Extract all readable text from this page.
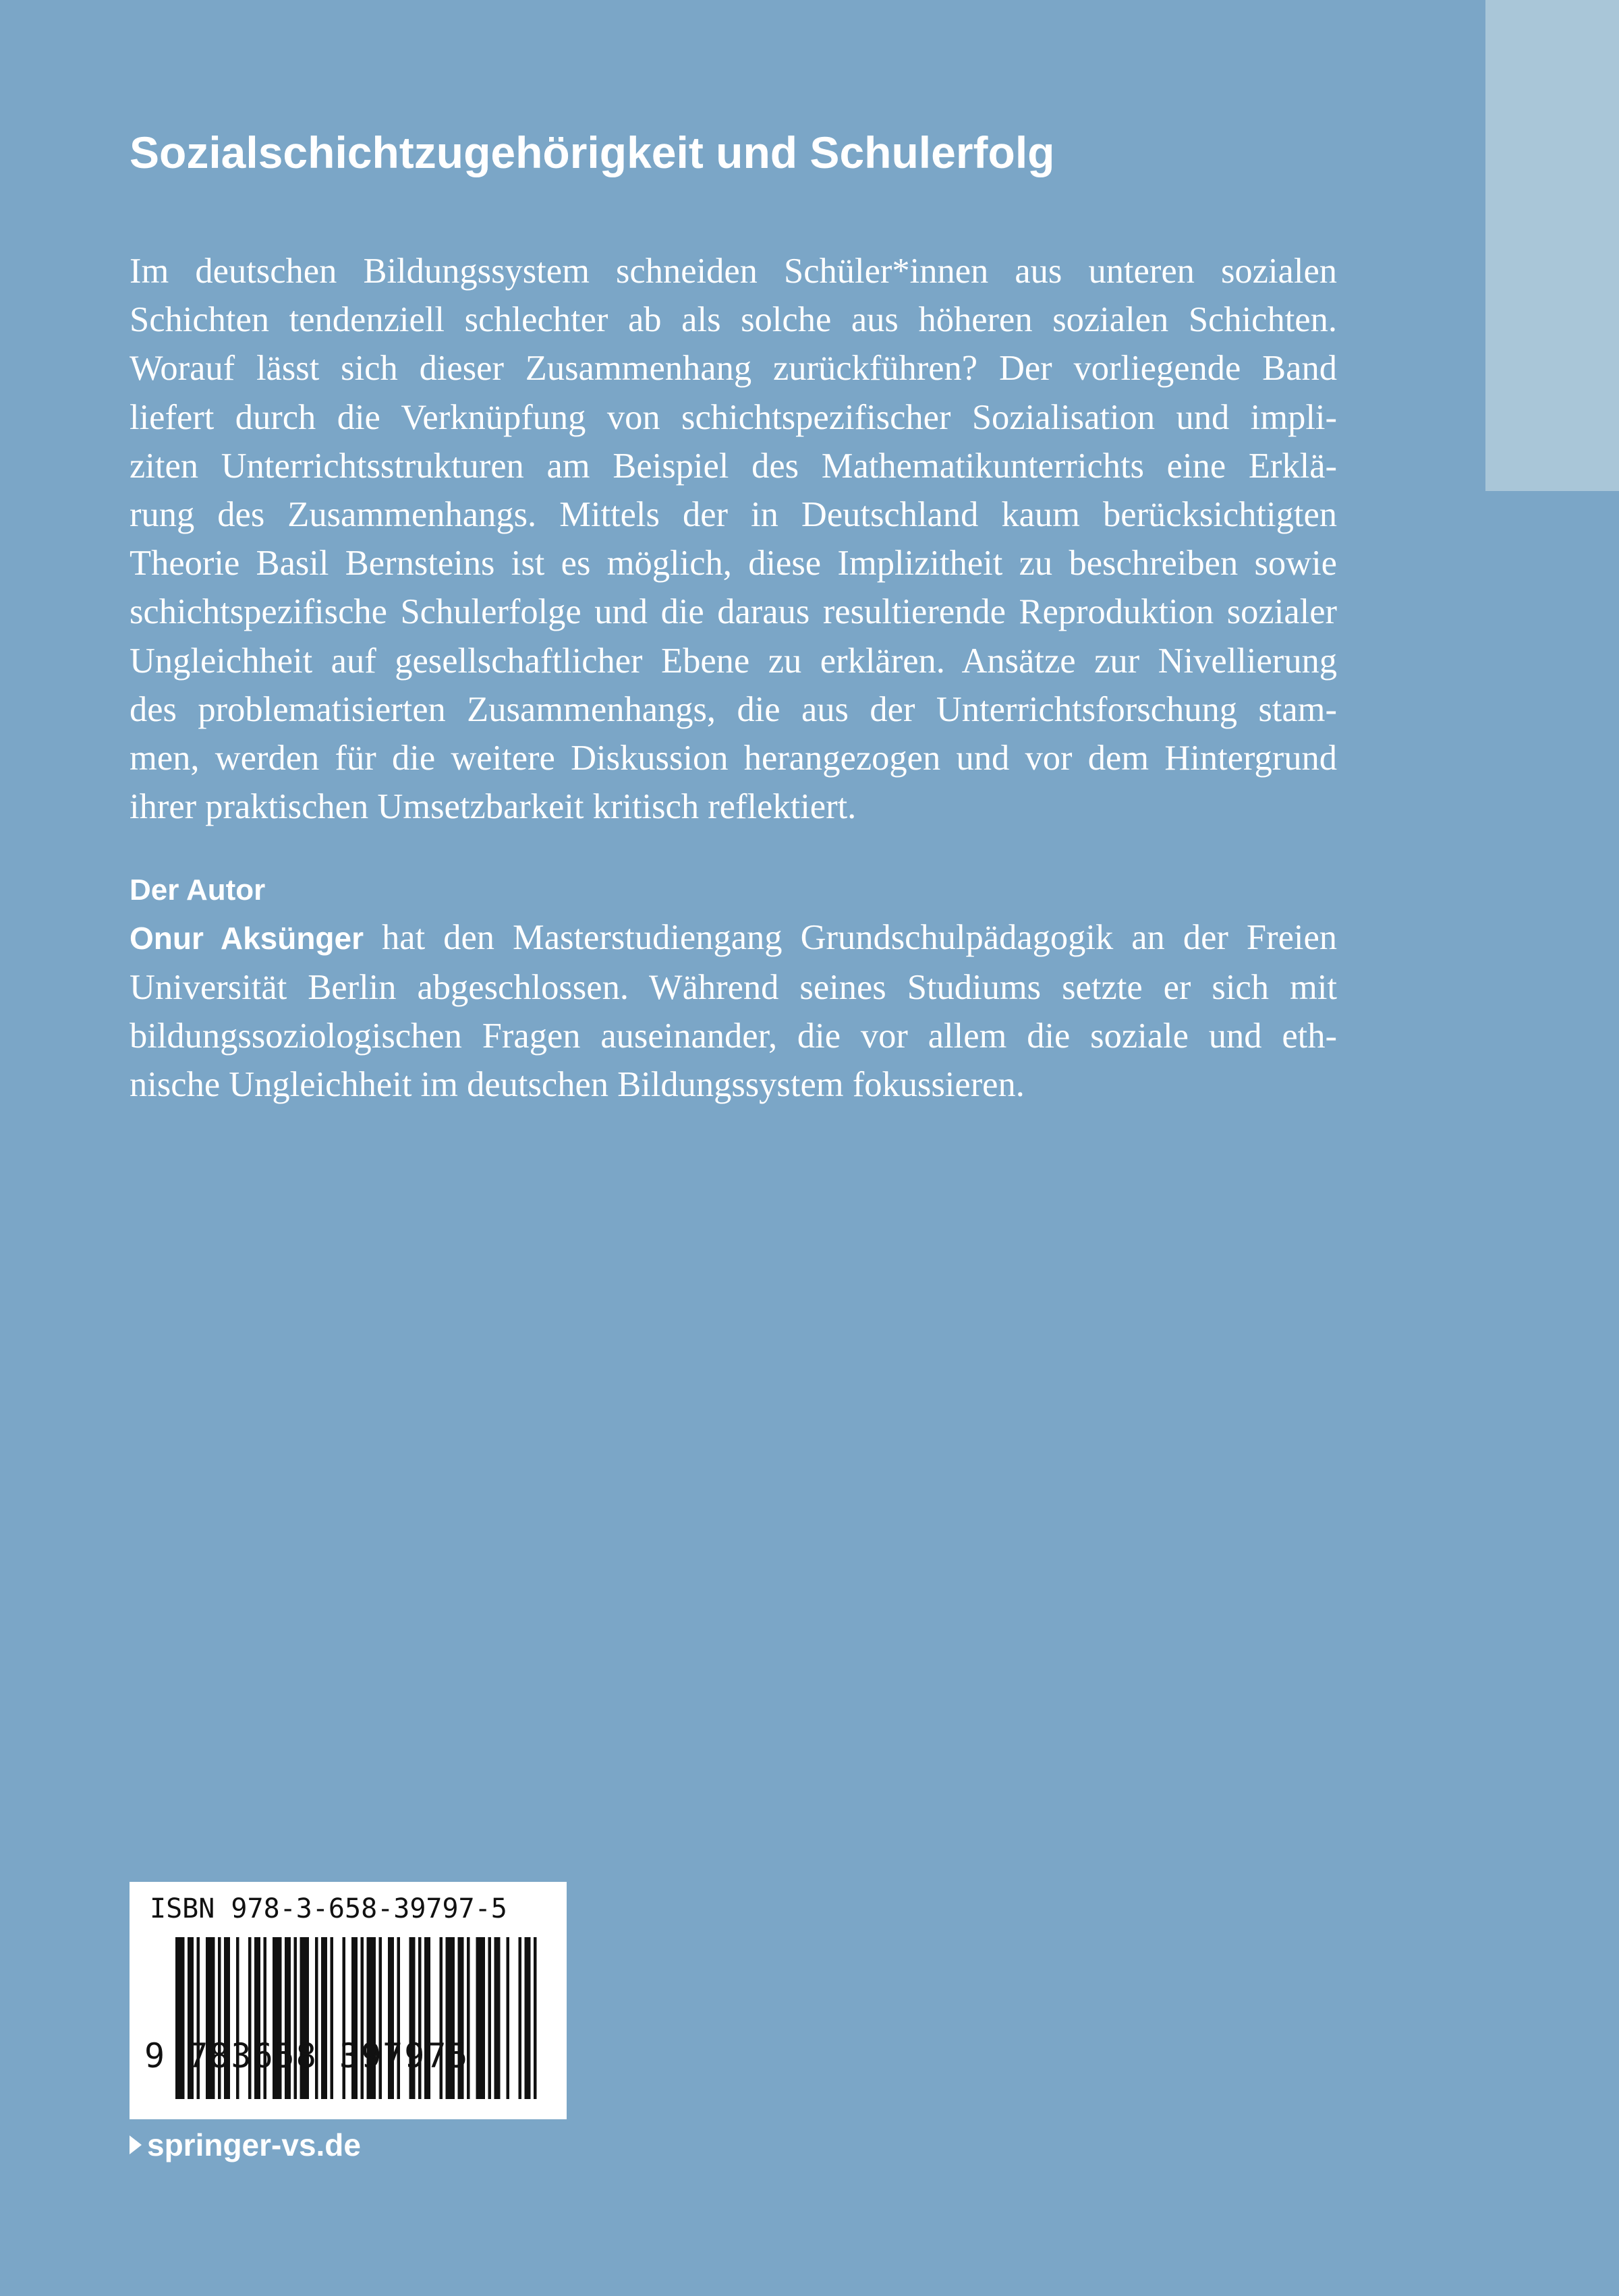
Sozialschichtzugehörigkeit und Schulerfolg

Im deutschen Bildungssystem schneiden Schüler*innen aus unteren sozialen
Schichten tendenziell schlechter ab als solche aus höheren sozialen Schichten.
Worauf lässt sich dieser Zusammenhang zurückführen? Der vorliegende Band
liefert durch die Verknüpfung von schichtspezifischer Sozialisation und impli-
ziten Unterrichtsstrukturen am Beispiel des Mathematikunterrichts eine Erklä-
rung des Zusammenhangs. Mittels der in Deutschland kaum berücksichtigten
Theorie Basil Bernsteins ist es möglich, diese Implizitheit zu beschreiben sowie
schichtspezifische Schulerfolge und die daraus resultierende Reproduktion sozialer
Ungleichheit auf gesellschaftlicher Ebene zu erklären. Ansätze zur Nivellierung
des problematisierten Zusammenhangs, die aus der Unterrichtsforschung stam-
men, werden für die weitere Diskussion herangezogen und vor dem Hintergrund
ihrer praktischen Umsetzbarkeit kritisch reflektiert.

Der Autor

Onur Aksünger hat den Masterstudiengang Grundschulpädagogik an der Freien
Universität Berlin abgeschlossen. Während seines Studiums setzte er sich mit
bildungssoziologischen Fragen auseinander, die vor allem die soziale und eth-
nische Ungleichheit im deutschen Bildungssystem fokussieren.

ISBN 978-3-658-39797-5
9 783658 397975
springer-vs.de
